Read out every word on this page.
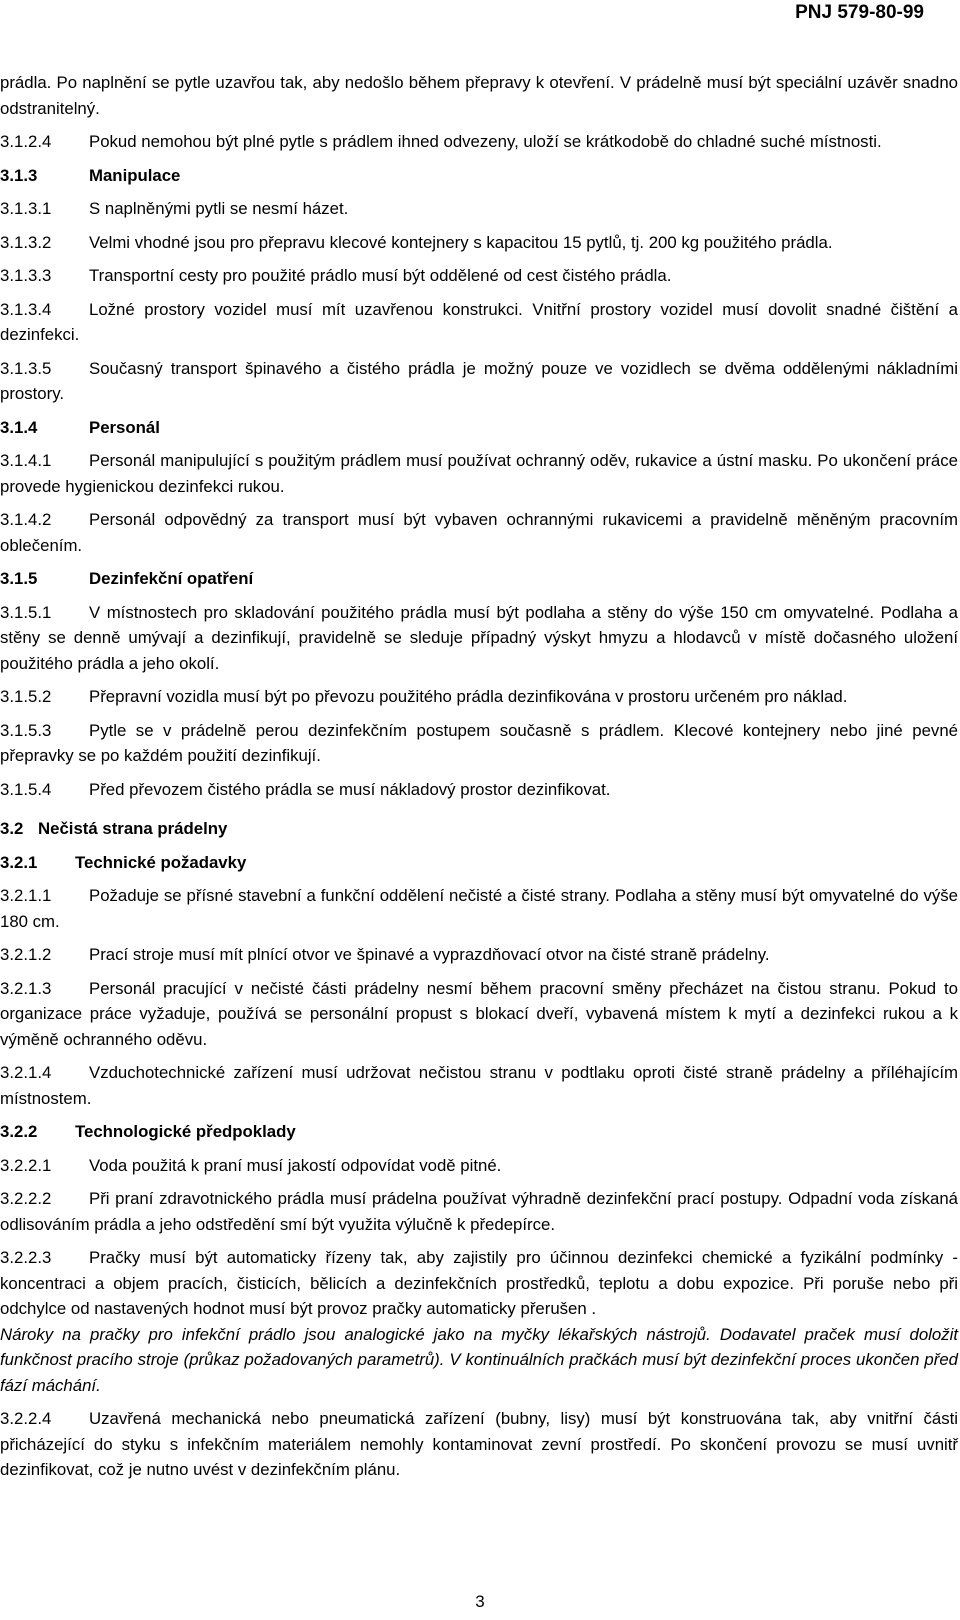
PNJ 579-80-99
prádla. Po naplnění se pytle uzavřou tak, aby nedošlo během přepravy k otevření. V prádelně musí být speciální uzávěr snadno odstranitelný.
3.1.2.4 Pokud nemohou být plné pytle s prádlem ihned odvezeny, uloží se krátkodobě do chladné suché místnosti.
3.1.3	Manipulace
3.1.3.1 S naplněnými pytli se nesmí házet.
3.1.3.2 Velmi vhodné jsou pro přepravu klecové kontejnery s kapacitou 15 pytlů, tj. 200 kg použitého prádla.
3.1.3.3 Transportní cesty pro použité prádlo musí být oddělené od cest čistého prádla.
3.1.3.4 Ložné prostory vozidel musí mít uzavřenou konstrukci. Vnitřní prostory vozidel musí dovolit snadné čištění a dezinfekci.
3.1.3.5 Současný transport špinavého a čistého prádla je možný pouze ve vozidlech se dvěma oddělenými nákladními prostory.
3.1.4	Personál
3.1.4.1 Personál manipulující s použitým prádlem musí používat ochranný oděv, rukavice a ústní masku. Po ukončení práce provede hygienickou dezinfekci rukou.
3.1.4.2 Personál odpovědný za transport musí být vybaven ochrannými rukavicemi a pravidelně měněným pracovním oblečením.
3.1.5	Dezinfekční opatření
3.1.5.1 V místnostech pro skladování použitého prádla musí být podlaha a stěny do výše 150 cm omyvatelné. Podlaha a stěny se denně umývají a dezinfikují, pravidelně se sleduje případný výskyt hmyzu a hlodavců v místě dočasného uložení použitého prádla a jeho okolí.
3.1.5.2 Přepravní vozidla musí být po převozu použitého prádla dezinfikována v prostoru určeném pro náklad.
3.1.5.3 Pytle se v prádelně perou dezinfekčním postupem současně s prádlem. Klecové kontejnery nebo jiné pevné přepravky se po každém použití dezinfikují.
3.1.5.4 Před převozem čistého prádla se musí nákladový prostor dezinfikovat.
3.2 Nečistá strana prádelny
3.2.1 Technické požadavky
3.2.1.1 Požaduje se přísné stavební a funkční oddělení nečisté a čisté strany. Podlaha a stěny musí být omyvatelné do výše 180 cm.
3.2.1.2 Prací stroje musí mít plnící otvor ve špinavé a vyprazdňovací otvor na čisté straně prádelny.
3.2.1.3 Personál pracující v nečisté části prádelny nesmí během pracovní směny přecházet na čistou stranu. Pokud to organizace práce vyžaduje, používá se personální propust s blokací dveří, vybavená místem k mytí a dezinfekci rukou a k výměně ochranného oděvu.
3.2.1.4 Vzduchotechnické zařízení musí udržovat nečistou stranu v podtlaku oproti čisté straně prádelny a příléhajícím místnostem.
3.2.2 Technologické předpoklady
3.2.2.1 Voda použitá k praní musí jakostí odpovídat vodě pitné.
3.2.2.2 Při praní zdravotnického prádla musí prádelna používat výhradně dezinfekční prací postupy. Odpadní voda získaná odlisováním prádla a jeho odstředění smí být využita výlučně k předepírce.
3.2.2.3 Pračky musí být automaticky řízeny tak, aby zajistily pro účinnou dezinfekci chemické a fyzikální podmínky - koncentraci a objem pracích, čisticích, bělicích a dezinfekčních prostředků, teplotu a dobu expozice. Při poruše nebo při odchylce od nastavených hodnot musí být provoz pračky automaticky přerušen .
Nároky na pračky pro infekční prádlo jsou analogické jako na myčky lékařských nástrojů. Dodavatel praček musí doložit funkčnost pracího stroje (průkaz požadovaných parametrů). V kontinuálních pračkách musí být dezinfekční proces ukončen před fází máchání.
3.2.2.4 Uzavřená mechanická nebo pneumatická zařízení (bubny, lisy) musí být konstruována tak, aby vnitřní části přicházející do styku s infekčním materiálem nemohly kontaminovat zevní prostředí. Po skončení provozu se musí uvnitř dezinfikovat, což je nutno uvést v dezinfekčním plánu.
3
